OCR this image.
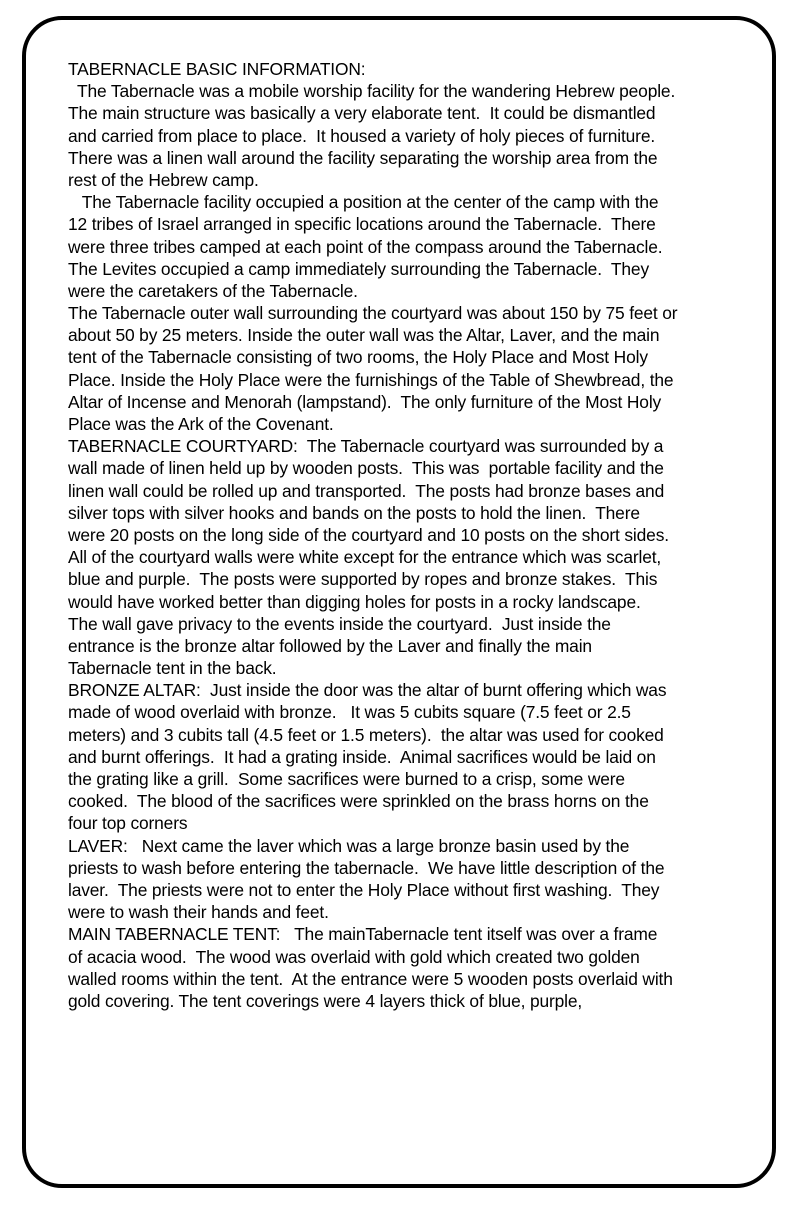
TABERNACLE BASIC INFORMATION:
The Tabernacle was a mobile worship facility for the wandering Hebrew people.
The main structure was basically a very elaborate tent.  It could be dismantled
and carried from place to place.  It housed a variety of holy pieces of furniture.
There was a linen wall around the facility separating the worship area from the
rest of the Hebrew camp.
The Tabernacle facility occupied a position at the center of the camp with the
12 tribes of Israel arranged in specific locations around the Tabernacle.  There
were three tribes camped at each point of the compass around the Tabernacle.
The Levites occupied a camp immediately surrounding the Tabernacle.  They
were the caretakers of the Tabernacle.
The Tabernacle outer wall surrounding the courtyard was about 150 by 75 feet or
about 50 by 25 meters. Inside the outer wall was the Altar, Laver, and the main
tent of the Tabernacle consisting of two rooms, the Holy Place and Most Holy
Place. Inside the Holy Place were the furnishings of the Table of Shewbread, the
Altar of Incense and Menorah (lampstand).  The only furniture of the Most Holy
Place was the Ark of the Covenant.
TABERNACLE COURTYARD:  The Tabernacle courtyard was surrounded by a
wall made of linen held up by wooden posts.  This was  portable facility and the
linen wall could be rolled up and transported.  The posts had bronze bases and
silver tops with silver hooks and bands on the posts to hold the linen.  There
were 20 posts on the long side of the courtyard and 10 posts on the short sides.
All of the courtyard walls were white except for the entrance which was scarlet,
blue and purple.  The posts were supported by ropes and bronze stakes.  This
would have worked better than digging holes for posts in a rocky landscape.
The wall gave privacy to the events inside the courtyard.  Just inside the
entrance is the bronze altar followed by the Laver and finally the main
Tabernacle tent in the back.
BRONZE ALTAR:  Just inside the door was the altar of burnt offering which was
made of wood overlaid with bronze.   It was 5 cubits square (7.5 feet or 2.5
meters) and 3 cubits tall (4.5 feet or 1.5 meters).  the altar was used for cooked
and burnt offerings.  It had a grating inside.  Animal sacrifices would be laid on
the grating like a grill.  Some sacrifices were burned to a crisp, some were
cooked.  The blood of the sacrifices were sprinkled on the brass horns on the
four top corners
LAVER:   Next came the laver which was a large bronze basin used by the
priests to wash before entering the tabernacle.  We have little description of the
laver.  The priests were not to enter the Holy Place without first washing.  They
were to wash their hands and feet.
MAIN TABERNACLE TENT:   The mainTabernacle tent itself was over a frame
of acacia wood.  The wood was overlaid with gold which created two golden
walled rooms within the tent.  At the entrance were 5 wooden posts overlaid with
gold covering. The tent coverings were 4 layers thick of blue, purple,
